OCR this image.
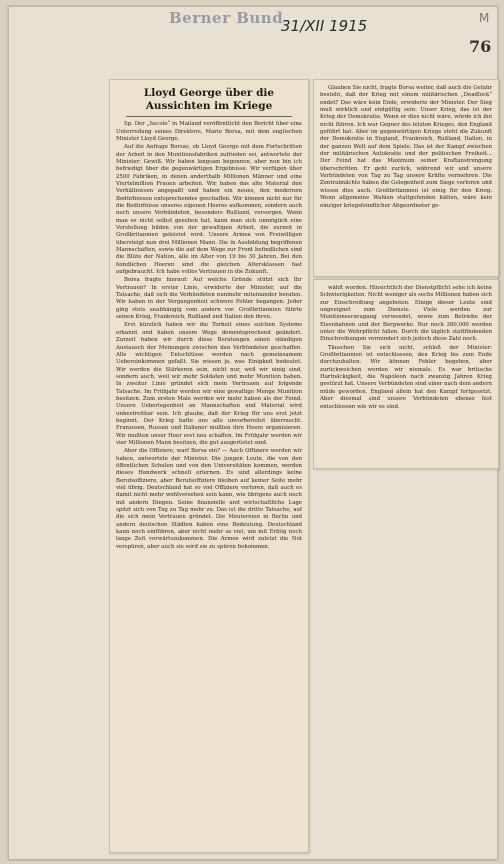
Berner Bund
31/XII 1915
76
M
Lloyd George über die Aussichten im Kriege

Sp. Der „Secolo“ in Mailand veröffentlicht den Bericht über eine Unterredung seines Direktors, Mario Borsa, mit dem englischen Minister Lloyd George.

Auf die Anfrage Borsas, ob Lloyd George mit dem Fortschritten der Arbeit in den Munitionsfabriken zufrieden sei, antwortete der Minister: Gewiß. Wir haben langsam begonnen, aber nun bin ich befriedigt über die gegenwärtigen Ergebnisse. Wir verfügen über 2500 Fabriken, in denen anderthalb Millionen Männer und eine Viertelmillion Frauen arbeiten. Wir haben das alte Material den Verhältnissen angepaßt und haben ein neues, den modernen Bedürfnissen entsprechendes geschaffen. Wir können nicht nur für die Bedürfnisse unseres eigenen Heeres aufkommen, sondern auch noch unsere Verbündeten, besonders Rußland, versorgen. Wenn man es nicht selbst gesehen hat, kann man sich unmöglich eine Vorstellung bilden von der gewaltigen Arbeit, die zurzeit in Großbritannien geleistet wird. Unsere Armee von Freiwilligen übersteigt nun drei Millionen Mann. Die in Ausbildung begriffenen Mannschaften, sowie die auf dem Wege zur Front befindlichen sind die Blüte der Nation, alle im Alter von 19 bis 30 Jahren. Bei den feindlichen Heeren sind die gleichen Altersklassen fast aufgebraucht. Ich habe volles Vertrauen in die Zukunft.

Borsa fragte hierauf: Auf welche Gründe stützt sich Ihr Vertrauen? In erster Linie, erwiderte der Minister, auf die Tatsache, daß sich die Verbündeten nunmehr miteinander beraten. Wir haben in der Vergangenheit schwere Fehler begangen. Jeder ging stets unabhängig vom andern vor. Großbritannien führte seinen Krieg, Frankreich, Rußland und Italien den ihren.

Erst kürzlich haben wir die Torheit eines solchen Systems erkannt und haben unsere Wege dementsprechend geändert. Zurzeit haben wir durch diese Beratungen einen ständigen Austausch der Meinungen zwischen den Verbündeten geschaffen. Alle wichtigen Entschlüsse werden nach gemeinsamem Uebereinkommen gefaßt. Sie wissen ja, was Einigkeit bedeutet. Wir werden die Stärkeren sein, nicht nur, weil wir einig sind, sondern auch, weil wir mehr Soldaten und mehr Munition haben. In zweiter Linie gründet sich mein Vertrauen auf folgende Tatsache. Im Frühjahr werden wir eine gewaltige Menge Munition besitzen. Zum ersten Male werden wir mehr haben als der Feind. Unsere Ueberlegenheit an Mannschaften und Material wird unbestreitbar sein. Ich glaube, daß der Krieg für uns erst jetzt beginnt. Der Krieg hatte uns alle unvorbereitet überrascht. Franzosen, Russen und Italiener mußten ihre Heere organisieren. Wir mußten unser Heer erst neu schaffen. Im Frühjahr werden wir vier Millionen Mann besitzen, die gut ausgerüstet sind.

Aber die Offiziere, warf Borsa ein? — Auch Offiziere werden wir haben, antwortete der Minister. Die jungen Leute, die von den öffentlichen Schulen und von den Universitäten kommen, werden dieses Handwerk schnell erlernen. Es sind allerdings keine Berufsoffiziere, aber Berufsoffiziere bleiben auf keiner Seite mehr viel übrig. Deutschland hat so viel Offiziere verloren, daß auch es damit nicht mehr wohlversehen sein kann, wie übrigens auch noch mit andern Dingen. Seine finanzielle und wirtschaftliche Lage spitzt sich von Tag zu Tag mehr zu. Das ist die dritte Tatsache, auf die sich mein Vertrauen gründet. Die Meutereien in Berlin und andern deutschen Städten haben eine Bedeutung. Deutschland kann noch einführen, aber nicht mehr so viel, um mit Erfolg noch lange Zeit vorwärtszukommen. Die Armee wird zuletzt die Not verspüren, aber auch sie wird sie zu spüren bekommen.

Glauben Sie nicht, fragte Borsa weiter, daß auch die Gefahr besteht, daß der Krieg mit einem militärischen „Deadlock“ endet? Das wäre kein Ende, erwiderte der Minister. Der Sieg muß wirklich und endgültig sein. Unser Krieg, das ist der Krieg der Demokratie. Wenn er dies nicht wäre, würde ich ihn nicht führen. Ich war Gegner des letzten Krieges, den England geführt hat. Aber im gegenwärtigen Kriege steht die Zukunft der Demokratie in England, Frankreich, Rußland, Italien, in der ganzen Welt auf dem Spiele. Das ist der Kampf zwischen der militärischen Autokratie und der politischen Freiheit... Der Feind hat das Maximum seiner Kraftanstrengung überschritten. Er geht zurück, während wir und unsere Verbündeten von Tag zu Tag unsere Kräfte vermehren. Die Zentralmächte haben die Gelegenheit zum Siege verloren und wissen dies auch. Großbritannien ist einig für den Krieg. Wenn allgemeine Wahlen stattgefunden hätten, wäre kein einziger kriegsfeindlicher Abgeordneter ge-

wählt worden. Hinsichtlich der Dienstpflicht sehe ich keine Schwierigkeiten. Nicht weniger als sechs Millionen haben sich zur Einschreibung angeboten. Einige dieser Leute sind ungeeignet zum Dienste. Viele werden zur Munitionserzeugung verwendet, sowie zum Betriebe der Eisenbahnen und der Bergwerke. Nur noch 380,000 werden unter die Wehrpflicht fallen. Durch die täglich stattfindenden Einschreibungen vermindert sich jedoch diese Zahl noch.

Täuschen Sie sich nicht, schloß der Minister: Großbritannien ist entschlossen, den Krieg bis zum Ende durchzuhalten. Wir können Fehler begehen, aber zurückweichen werden wir niemals. Es war britische Hartnäckigkeit, die Napoleon nach zwanzig Jahren Krieg gestürzt hat. Unsere Verbündeten sind einer nach dem andern müde geworden. England allein hat den Kampf fortgesetzt. Aber diesmal sind unsere Verbündeten ebenso fest entschlossen wie wir es sind.
